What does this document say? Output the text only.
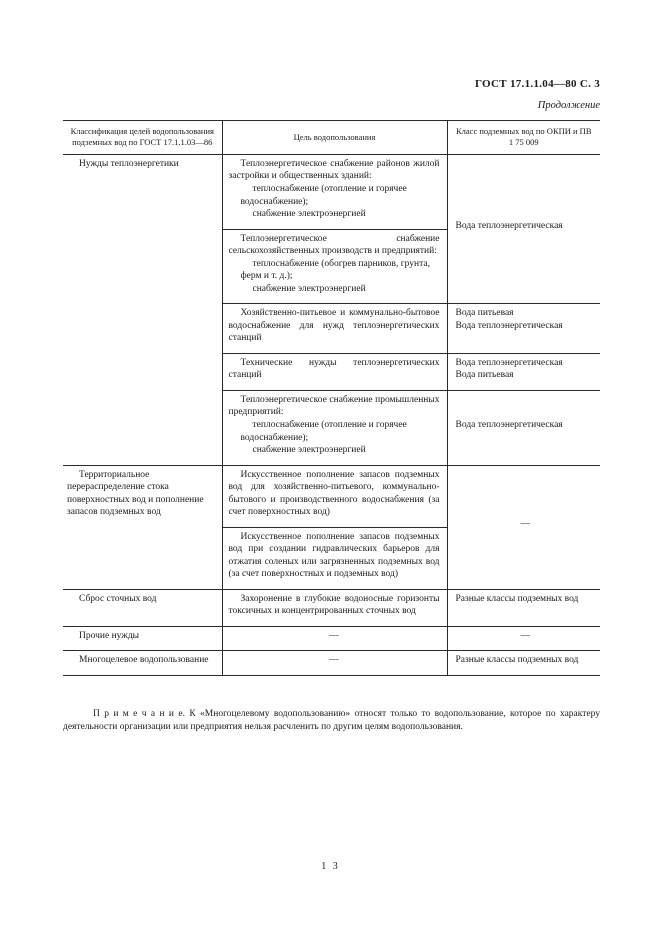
ГОСТ 17.1.1.04—80 С. 3
Продолжение
Классификация целей водопользования подземных вод по ГОСТ 17.1.1.03—86	Цель водопользования	Класс подземных вод по ОКПИ и ПВ 1 75 009

Нужды теплоэнергетики	Теплоэнергетическое снабжение районов жилой застройки и общественных зданий:

теплоснабжение (отопление и горячее водоснабжение);

снабжение электроэнергией	Вода теплоэнергетическая

	Теплоэнергетическое снабжение сельскохозяйственных производств и предприятий:

теплоснабжение (обогрев парников, грунта, ферм и т. д.);

снабжение электроэнергией	

	Хозяйственно-питьевое и коммунально-бытовое водоснабжение для нужд теплоэнергетических станций	Вода питьевая

Вода теплоэнергетическая

	Технические нужды теплоэнергетических станций	Вода теплоэнергетическая

Вода питьевая

	Теплоэнергетическое снабжение промышленных предприятий:

теплоснабжение (отопление и горячее водоснабжение);

снабжение электроэнергией	Вода теплоэнергетическая

Территориальное перераспределение стока поверхностных вод и пополнение запасов подземных вод	Искусственное пополнение запасов подземных вод для хозяйственно-питьевого, коммунально-бытового и производственного водоснабжения (за счет поверхностных вод)	—

	Искусственное пополнение запасов подземных вод при создании гидравлических барьеров для отжатия соленых или загрязненных подземных вод (за счет поверхностных и подземных вод)	

Сброс сточных вод	Захоронение в глубокие водоносные горизонты токсичных и концентрированных сточных вод	Разные классы подземных вод

Прочие нужды	—	—

Многоцелевое водопользование	—	Разные классы подземных вод

П р и м е ч а н и е. К «Многоцелевому водопользованию» относят только то водопользование, которое по характеру деятельности организации или предприятия нельзя расчленить по другим целям водопользования.

1 3
